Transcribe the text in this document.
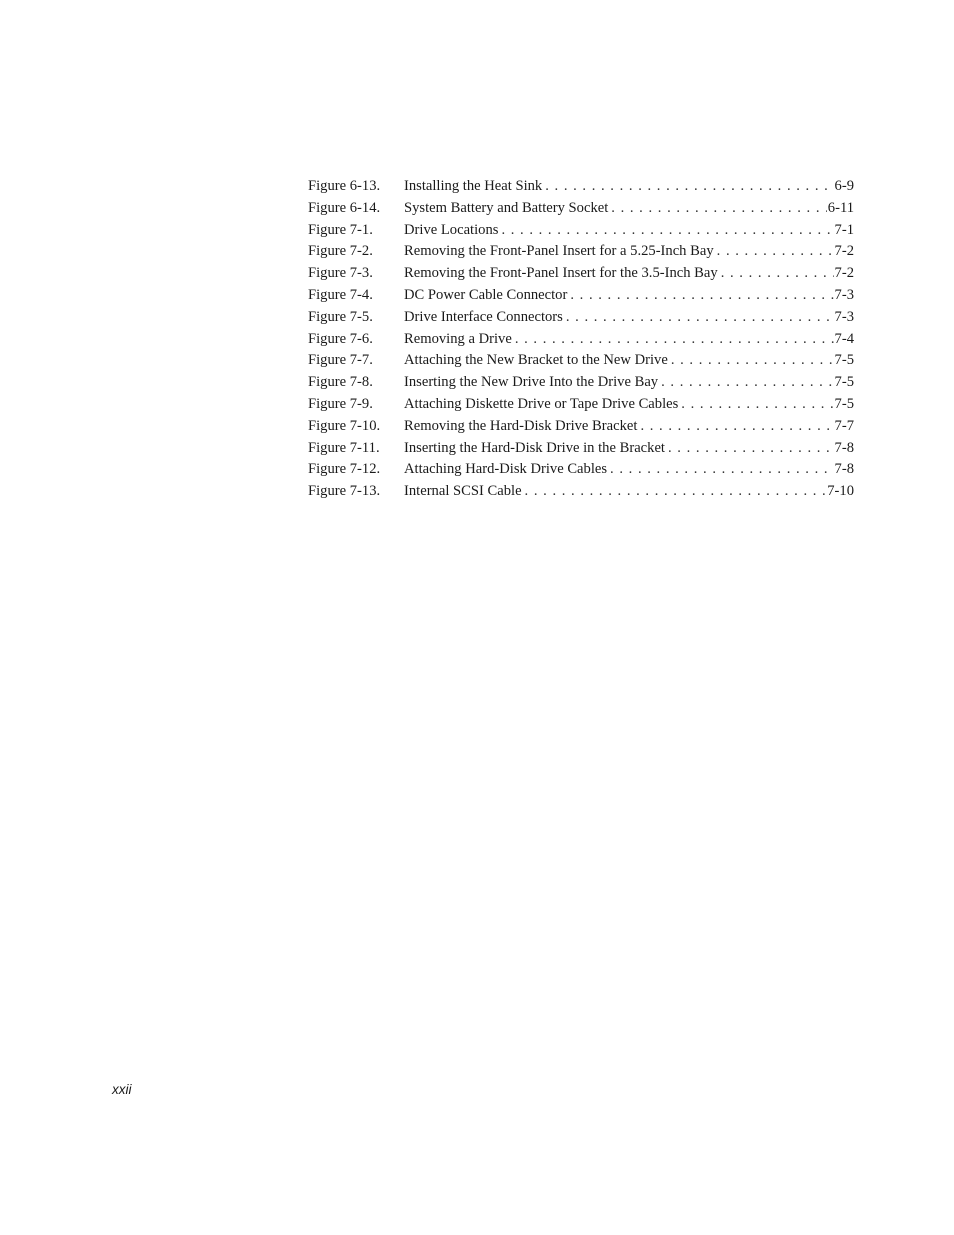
Figure 6-13.	Installing the Heat Sink . . .	6-9
Figure 6-14.	System Battery and Battery Socket . . .	6-11
Figure 7-1.	Drive Locations . . .	7-1
Figure 7-2.	Removing the Front-Panel Insert for a 5.25-Inch Bay . . .	7-2
Figure 7-3.	Removing the Front-Panel Insert for the 3.5-Inch Bay . . .	7-2
Figure 7-4.	DC Power Cable Connector . . .	7-3
Figure 7-5.	Drive Interface Connectors . . .	7-3
Figure 7-6.	Removing a Drive . . .	7-4
Figure 7-7.	Attaching the New Bracket to the New Drive . . .	7-5
Figure 7-8.	Inserting the New Drive Into the Drive Bay . . .	7-5
Figure 7-9.	Attaching Diskette Drive or Tape Drive Cables . . .	7-5
Figure 7-10.	Removing the Hard-Disk Drive Bracket . . .	7-7
Figure 7-11.	Inserting the Hard-Disk Drive in the Bracket . . .	7-8
Figure 7-12.	Attaching Hard-Disk Drive Cables . . .	7-8
Figure 7-13.	Internal SCSI Cable . . .	7-10
xxii
